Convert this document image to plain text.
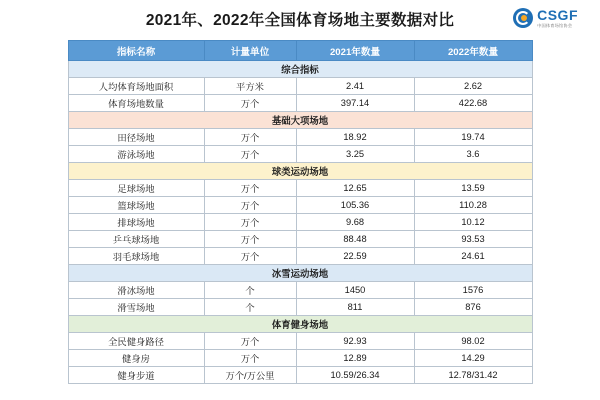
2021年、2022年全国体育场地主要数据对比	CSGF
中国体育场馆协会
指标名称	计量单位	2021年数量	2022年数量
综合指标			
人均体育场地面积	平方米	2.41	2.62
体育场地数量	万个	397.14	422.68
基础大项场地			
田径场地	万个	18.92	19.74
游泳场地	万个	3.25	3.6
球类运动场地			
足球场地	万个	12.65	13.59
篮球场地	万个	105.36	110.28
排球场地	万个	9.68	10.12
乒乓球场地	万个	88.48	93.53
羽毛球场地	万个	22.59	24.61
冰雪运动场地			
滑冰场地	个	1450	1576
滑雪场地	个	811	876
体育健身场地			
全民健身路径	万个	92.93	98.02
健身房	万个	12.89	14.29
健身步道	万个/万公里	10.59/26.34	12.78/31.42
